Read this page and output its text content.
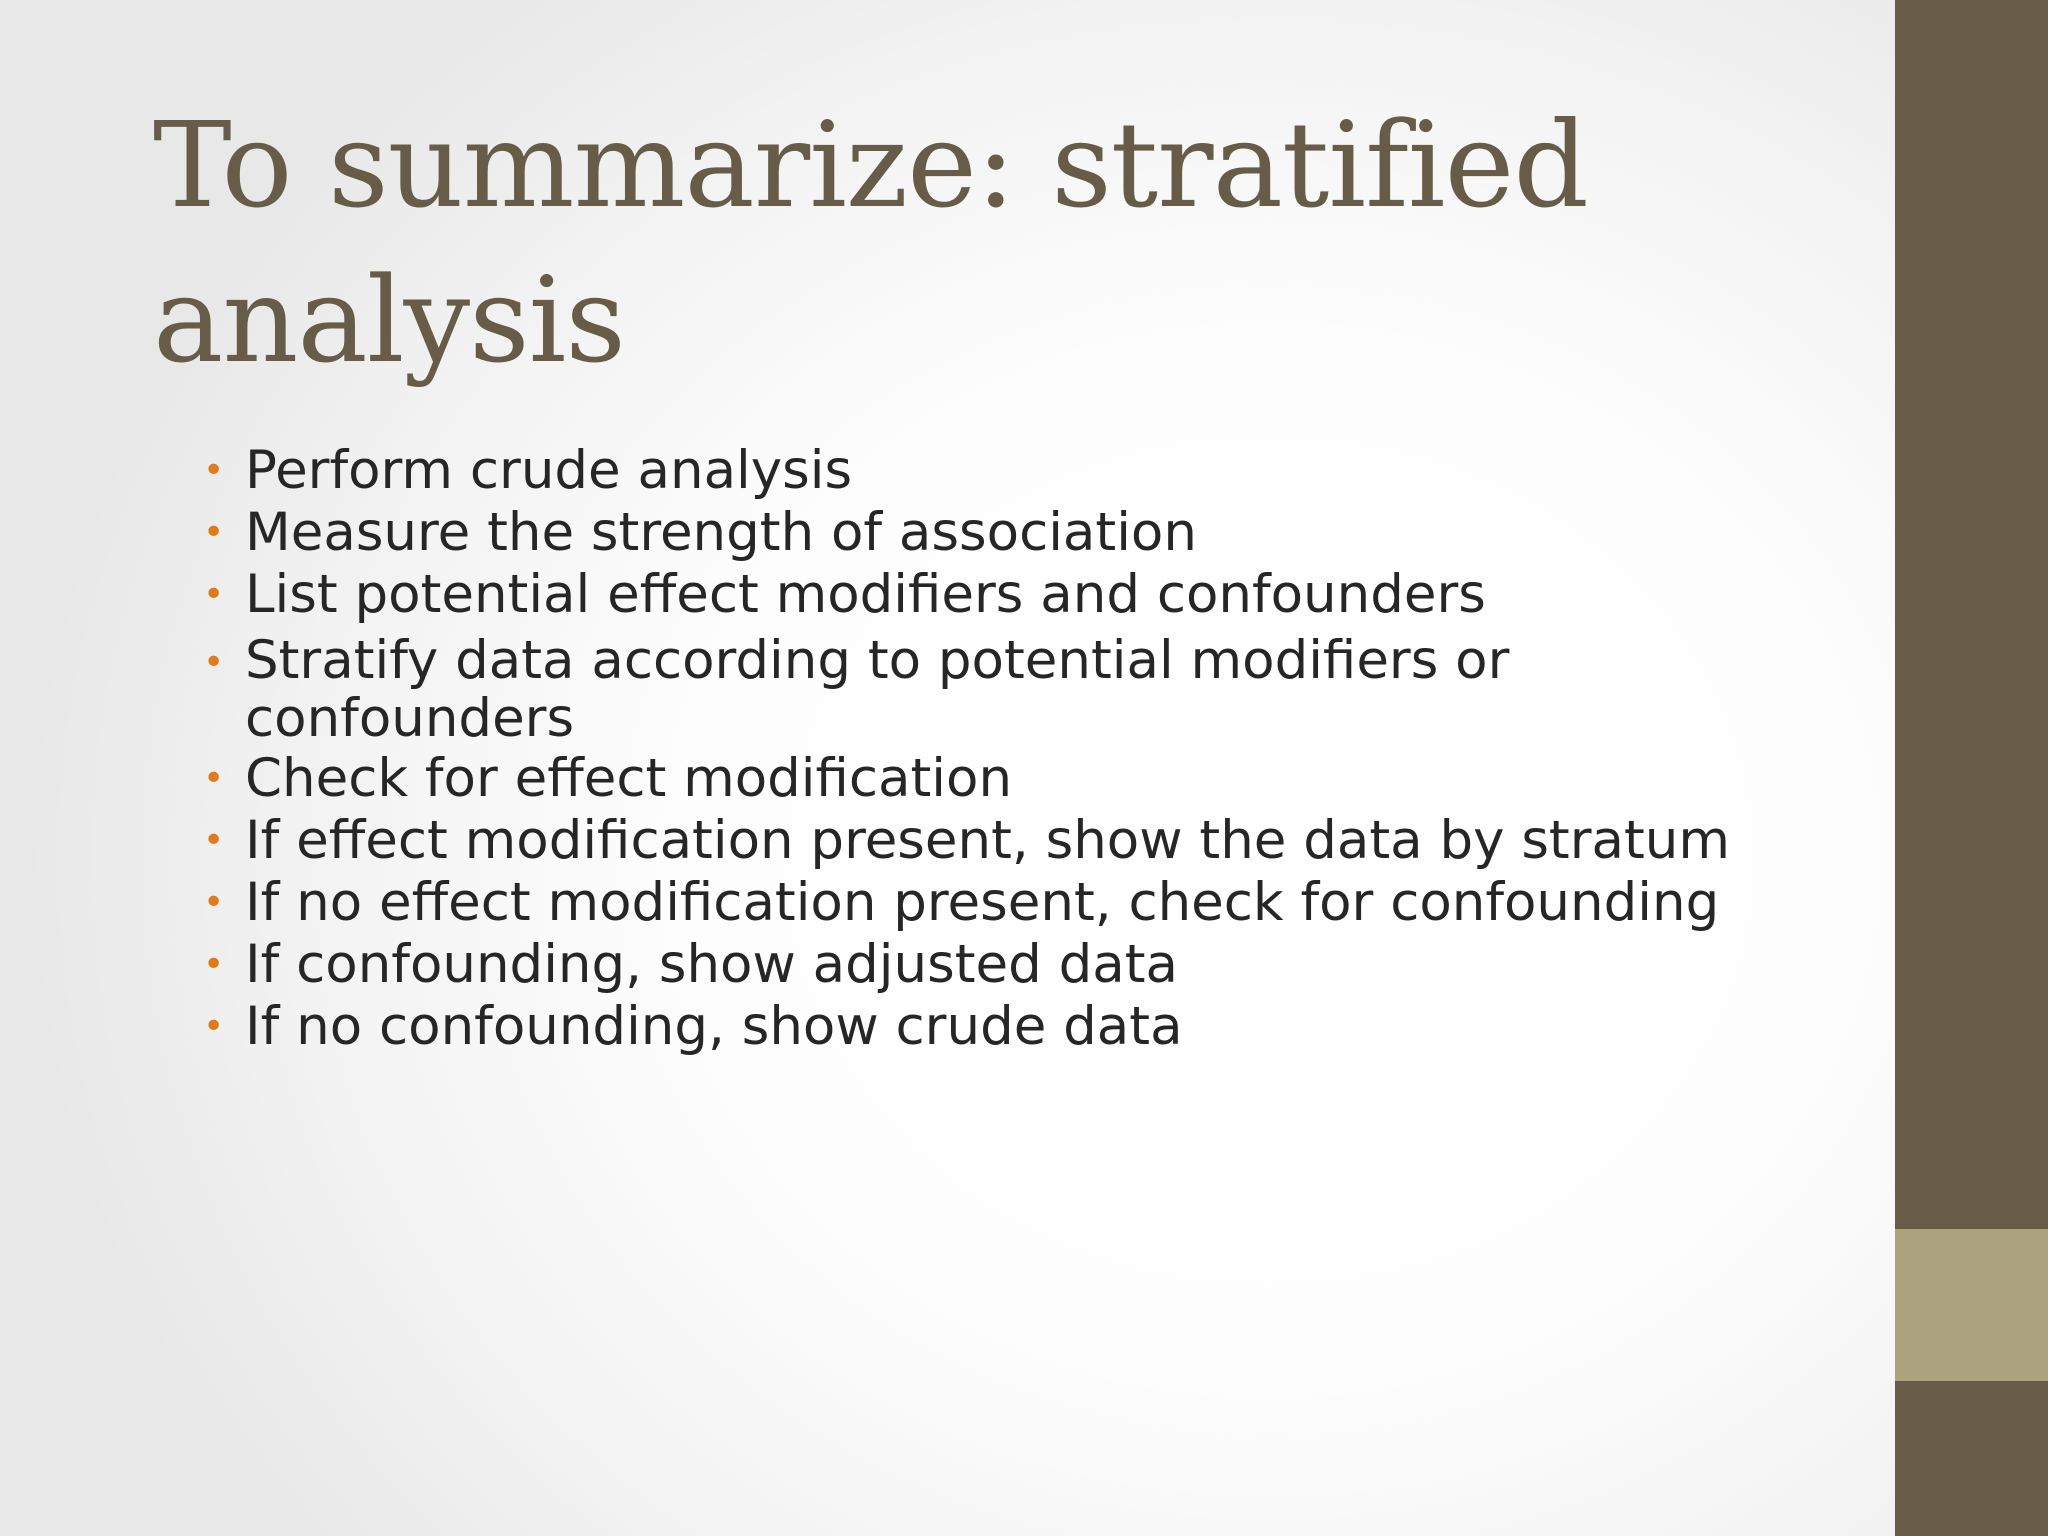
To summarize: stratified analysis
• Perform crude analysis
• Measure the strength of association
• List potential effect modifiers and confounders
• Stratify data according to potential modifiers or confounders
• Check for effect modification
• If effect modification present, show the data by stratum
• If no effect modification present, check for confounding
• If confounding, show adjusted data
• If no confounding, show crude data
